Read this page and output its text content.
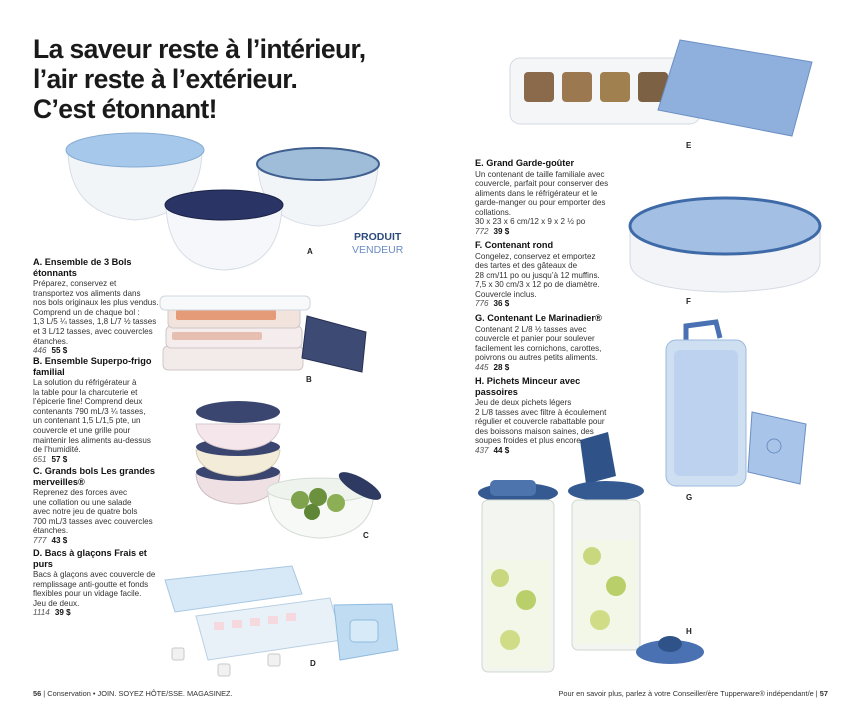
La saveur reste à l’intérieur,
l’air reste à l’extérieur.
C’est étonnant!
A
PRODUIT
VENDEUR
B
C
D
A. Ensemble de 3 Bols étonnants
Préparez, conservez et
transportez vos aliments dans
nos bols originaux les plus vendus.
Comprend un de chaque bol :
1,3 L/5 ¼ tasses, 1,8 L/7 ½ tasses
et 3 L/12 tasses, avec couvercles
étanches.
446 55 $
B. Ensemble Superpo-frigo familial
La solution du réfrigérateur à
la table pour la charcuterie et
l’épicerie fine! Comprend deux
contenants 790 mL/3 ¼ tasses,
un contenant 1,5 L/1,5 pte, un
couvercle et une grille pour
maintenir les aliments au-dessus
de l’humidité.
651 57 $
C. Grands bols Les grandes merveilles®
Reprenez des forces avec
une collation ou une salade
avec notre jeu de quatre bols
700 mL/3 tasses avec couvercles
étanches.
777 43 $
D. Bacs à glaçons Frais et purs
Bacs à glaçons avec couvercle de
remplissage anti-goutte et fonds
flexibles pour un vidage facile.
Jeu de deux.
1114 39 $
56 | Conservation • JOIN. SOYEZ HÔTE/SSE. MAGASINEZ.
E
F
G
H
E. Grand Garde-goûter
Un contenant de taille familiale avec
couvercle, parfait pour conserver des
aliments dans le réfrigérateur et le
garde-manger ou pour emporter des
collations.
30 x 23 x 6 cm/12 x 9 x 2 ½ po
772 39 $
F. Contenant rond
Congelez, conservez et emportez
des tartes et des gâteaux de
28 cm/11 po ou jusqu’à 12 muffins.
7,5 x 30 cm/3 x 12 po de diamètre.
Couvercle inclus.
776 36 $
G. Contenant Le Marinadier®
Contenant 2 L/8 ½ tasses avec
couvercle et panier pour soulever
facilement les cornichons, carottes,
poivrons ou autres petits aliments.
445 28 $
H. Pichets Minceur avec passoires
Jeu de deux pichets légers
2 L/8 tasses avec filtre à écoulement
régulier et couvercle rabattable pour
des boissons maison saines, des
soupes froides et plus encore.
437 44 $
Pour en savoir plus, parlez à votre Conseiller/ère Tupperware® indépendant/e | 57
